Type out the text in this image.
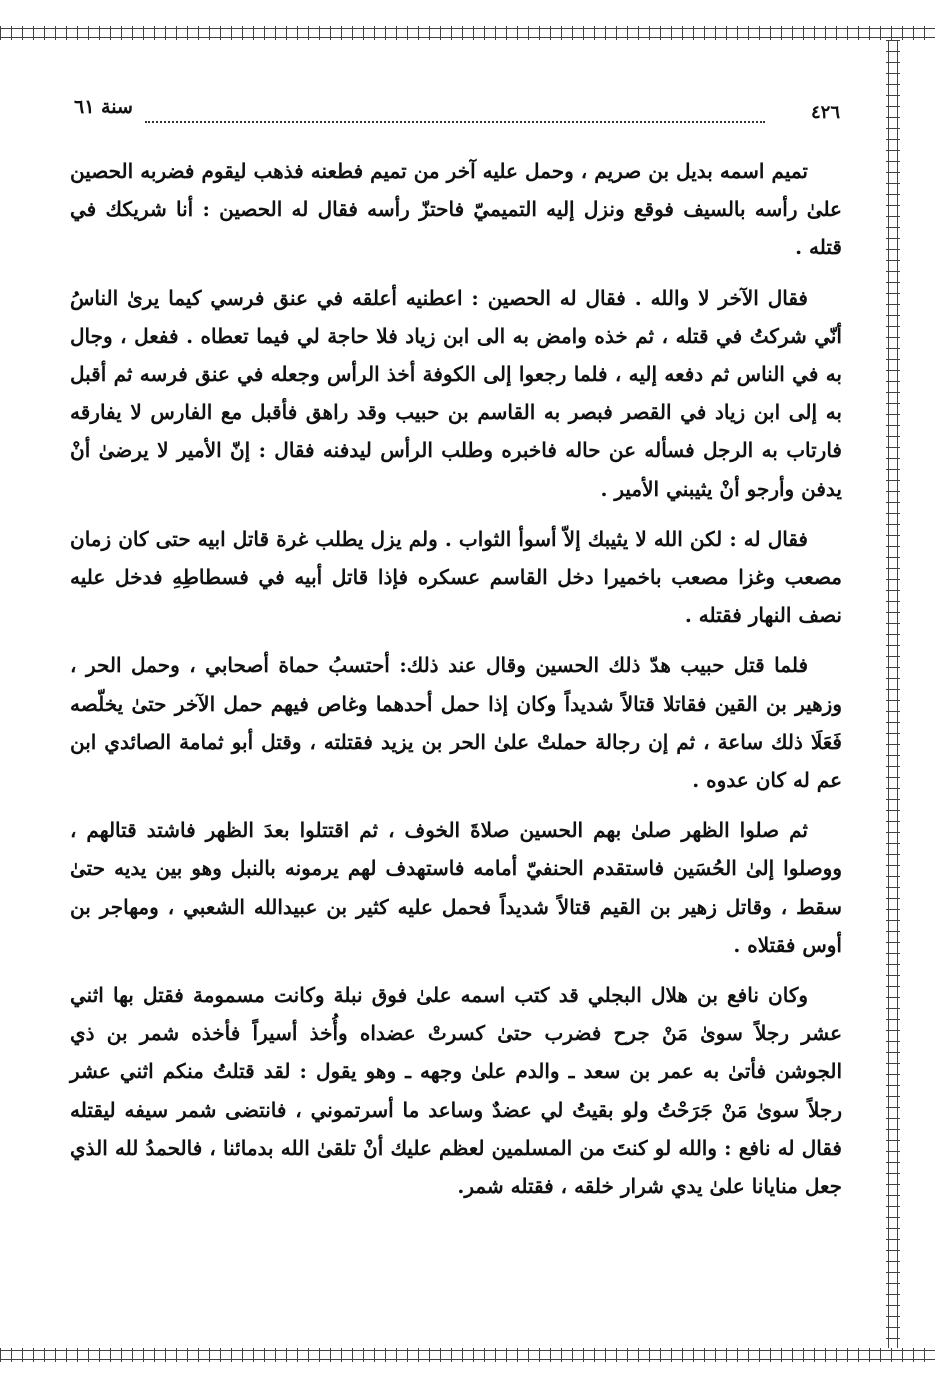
٤٢٦
سنة ٦١

تميم اسمه بديل بن صريم ، وحمل عليه آخر من تميم فطعنه فذهب ليقوم فضربه الحصين علىٰ رأسه بالسيف فوقع ونزل إليه التميميّ فاحتزّ رأسه فقال له الحصين : أنا شريكك في قتله .

فقال الآخر لا والله . فقال له الحصين : اعطنيه أعلقه في عنق فرسي كيما يرىٰ الناسُ أنّي شركتُ في قتله ، ثم خذه وامض به الى ابن زياد فلا حاجة لي فيما تعطاه . ففعل ، وجال به في الناس ثم دفعه إليه ، فلما رجعوا إلى الكوفة أخذ الرأس وجعله في عنق فرسه ثم أقبل به إلى ابن زياد في القصر فبصر به القاسم بن حبيب وقد راهق فأقبل مع الفارس لا يفارقه فارتاب به الرجل فسأله عن حاله فاخبره وطلب الرأس ليدفنه فقال : إنّ الأمير لا يرضىٰ أنْ يدفن وأرجو أنْ يثيبني الأمير .

فقال له : لكن الله لا يثيبك إلاّ أسوأ الثواب . ولم يزل يطلب غرة قاتل ابيه حتى كان زمان مصعب وغزا مصعب باخميرا دخل القاسم عسكره فإذا قاتل أبيه في فسطاطِهِ فدخل عليه نصف النهار فقتله .

فلما قتل حبيب هدّ ذلك الحسين وقال عند ذلك: أحتسبُ حماة أصحابي ، وحمل الحر ، وزهير بن القين فقاتلا قتالاً شديداً وكان إذا حمل أحدهما وغاص فيهم حمل الآخر حتىٰ يخلّصه فَعَلَا ذلك ساعة ، ثم إن رجالة حملتْ علىٰ الحر بن يزيد فقتلته ، وقتل أبو ثمامة الصائدي ابن عم له كان عدوه .

ثم صلوا الظهر صلىٰ بهم الحسين صلاةَ الخوف ، ثم اقتتلوا بعدَ الظهر فاشتد قتالهم ، ووصلوا إلىٰ الحُسَين فاستقدم الحنفيّ أمامه فاستهدف لهم يرمونه بالنبل وهو بين يديه حتىٰ سقط ، وقاتل زهير بن القيم قتالاً شديداً فحمل عليه كثير بن عبيدالله الشعبي ، ومهاجر بن أوس فقتلاه .

وكان نافع بن هلال البجلي قد كتب اسمه علىٰ فوق نبلة وكانت مسمومة فقتل بها اثني عشر رجلاً سوىٰ مَنْ جرح فضرب حتىٰ كسرتْ عضداه وأُخذ أسيراً فأخذه شمر بن ذي الجوشن فأتىٰ به عمر بن سعد ـ والدم علىٰ وجهه ـ وهو يقول : لقد قتلتُ منكم اثني عشر رجلاً سوىٰ مَنْ جَرَحْتُ ولو بقيتُ لي عضدٌ وساعد ما أسرتموني ، فانتضى شمر سيفه ليقتله فقال له نافع : والله لو كنتَ من المسلمين لعظم عليك أنْ تلقىٰ الله بدمائنا ، فالحمدُ لله الذي جعل منايانا علىٰ يدي شرار خلقه ، فقتله شمر.
